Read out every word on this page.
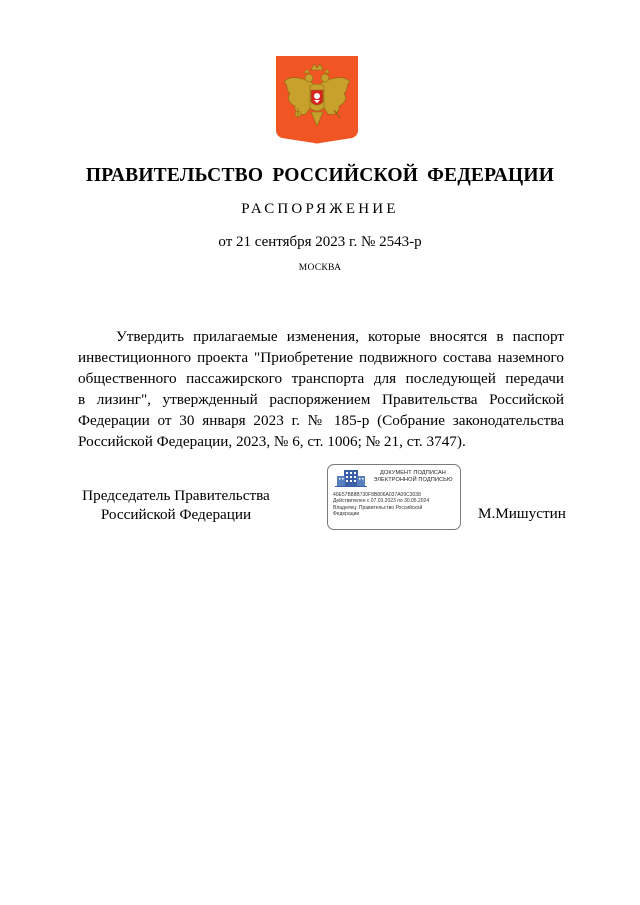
ПРАВИТЕЛЬСТВО РОССИЙСКОЙ ФЕДЕРАЦИИ
РАСПОРЯЖЕНИЕ
от 21 сентября 2023 г. № 2543-р
МОСКВА
Утвердить прилагаемые изменения, которые вносятся в паспорт
инвестиционного проекта "Приобретение подвижного состава наземного
общественного пассажирского транспорта для последующей передачи
в лизинг", утвержденный распоряжением Правительства Российской
Федерации от 30 января 2023 г. № 185-р (Собрание законодательства
Российской Федерации, 2023, № 6, ст. 1006; № 21, ст. 3747).
Председатель Правительства
Российской Федерации
ДОКУМЕНТ ПОДПИСАН
ЭЛЕКТРОННОЙ ПОДПИСЬЮ
40E57B88B730F8B806A037A09C3038
Действителен с 07.03.2023 по 30.05.2024
Владелец: Правительство Российской
Федерации	М.Мишустин
